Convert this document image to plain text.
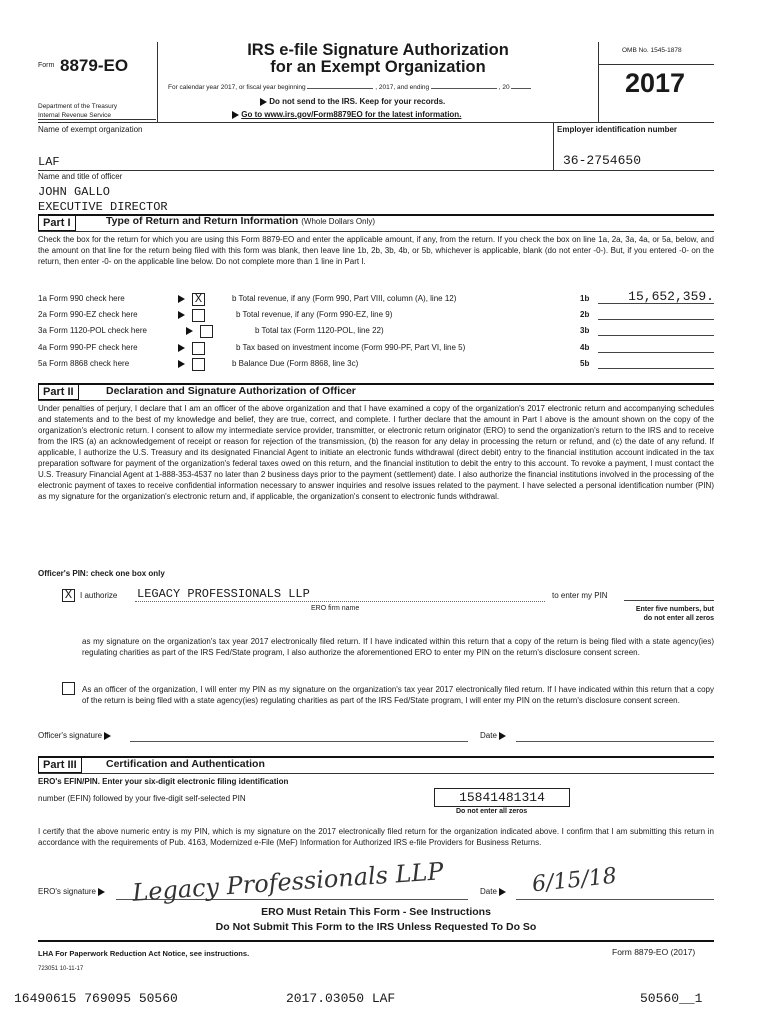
Form 8879-EO
Department of the Treasury
Internal Revenue Service
IRS e-file Signature Authorization
for an Exempt Organization
For calendar year 2017, or fiscal year beginning	, 2017, and ending	, 20
Do not send to the IRS. Keep for your records.
Go to www.irs.gov/Form8879EO for the latest information.
OMB No. 1545-1878
2017
Name of exempt organization	Employer identification number
LAF	36-2754650
Name and title of officer
JOHN GALLO
EXECUTIVE DIRECTOR
Part I	Type of Return and Return Information (Whole Dollars Only)
Check the box for the return for which you are using this Form 8879-EO and enter the applicable amount, if any, from the return. If you check the box on line 1a, 2a, 3a, 4a, or 5a, below, and the amount on that line for the return being filed with this form was blank, then leave line 1b, 2b, 3b, 4b, or 5b, whichever is applicable, blank (do not enter -0-). But, if you entered -0- on the return, then enter -0- on the applicable line below. Do not complete more than 1 line in Part I.
1a Form 990 check here	X	b Total revenue, if any (Form 990, Part VIII, column (A), line 12)	1b	15,652,359.
2a Form 990-EZ check here	b Total revenue, if any (Form 990-EZ, line 9)	2b
3a Form 1120-POL check here	b Total tax (Form 1120-POL, line 22)	3b
4a Form 990-PF check here	b Tax based on investment income (Form 990-PF, Part VI, line 5)	4b
5a Form 8868 check here	b Balance Due (Form 8868, line 3c)	5b
Part II	Declaration and Signature Authorization of Officer
Under penalties of perjury, I declare that I am an officer of the above organization and that I have examined a copy of the organization's 2017 electronic return and accompanying schedules and statements and to the best of my knowledge and belief, they are true, correct, and complete. I further declare that the amount in Part I above is the amount shown on the copy of the organization's electronic return. I consent to allow my intermediate service provider, transmitter, or electronic return originator (ERO) to send the organization's return to the IRS and to receive from the IRS (a) an acknowledgement of receipt or reason for rejection of the transmission, (b) the reason for any delay in processing the return or refund, and (c) the date of any refund. If applicable, I authorize the U.S. Treasury and its designated Financial Agent to initiate an electronic funds withdrawal (direct debit) entry to the financial institution account indicated in the tax preparation software for payment of the organization's federal taxes owed on this return, and the financial institution to debit the entry to this account. To revoke a payment, I must contact the U.S. Treasury Financial Agent at 1-888-353-4537 no later than 2 business days prior to the payment (settlement) date. I also authorize the financial institutions involved in the processing of the electronic payment of taxes to receive confidential information necessary to answer inquiries and resolve issues related to the payment. I have selected a personal identification number (PIN) as my signature for the organization's electronic return and, if applicable, the organization's consent to electronic funds withdrawal.
Officer's PIN: check one box only
X I authorize LEGACY PROFESSIONALS LLP	to enter my PIN
ERO firm name	Enter five numbers, but
do not enter all zeros
as my signature on the organization's tax year 2017 electronically filed return. If I have indicated within this return that a copy of the return is being filed with a state agency(ies) regulating charities as part of the IRS Fed/State program, I also authorize the aforementioned ERO to enter my PIN on the return's disclosure consent screen.
As an officer of the organization, I will enter my PIN as my signature on the organization's tax year 2017 electronically filed return. If I have indicated within this return that a copy of the return is being filed with a state agency(ies) regulating charities as part of the IRS Fed/State program, I will enter my PIN on the return's disclosure consent screen.
Officer's signature	Date
Part III	Certification and Authentication
ERO's EFIN/PIN. Enter your six-digit electronic filing identification
number (EFIN) followed by your five-digit self-selected PIN	15841481314
Do not enter all zeros
I certify that the above numeric entry is my PIN, which is my signature on the 2017 electronically filed return for the organization indicated above. I confirm that I am submitting this return in accordance with the requirements of Pub. 4163, Modernized e-File (MeF) Information for Authorized IRS e-file Providers for Business Returns.
ERO's signature	Legacy Professionals LLP	Date	6/15/18
ERO Must Retain This Form - See Instructions
Do Not Submit This Form to the IRS Unless Requested To Do So
LHA For Paperwork Reduction Act Notice, see instructions.	Form 8879-EO (2017)
723051 10-11-17
16490615 769095 50560	2017.03050 LAF	50560__1
